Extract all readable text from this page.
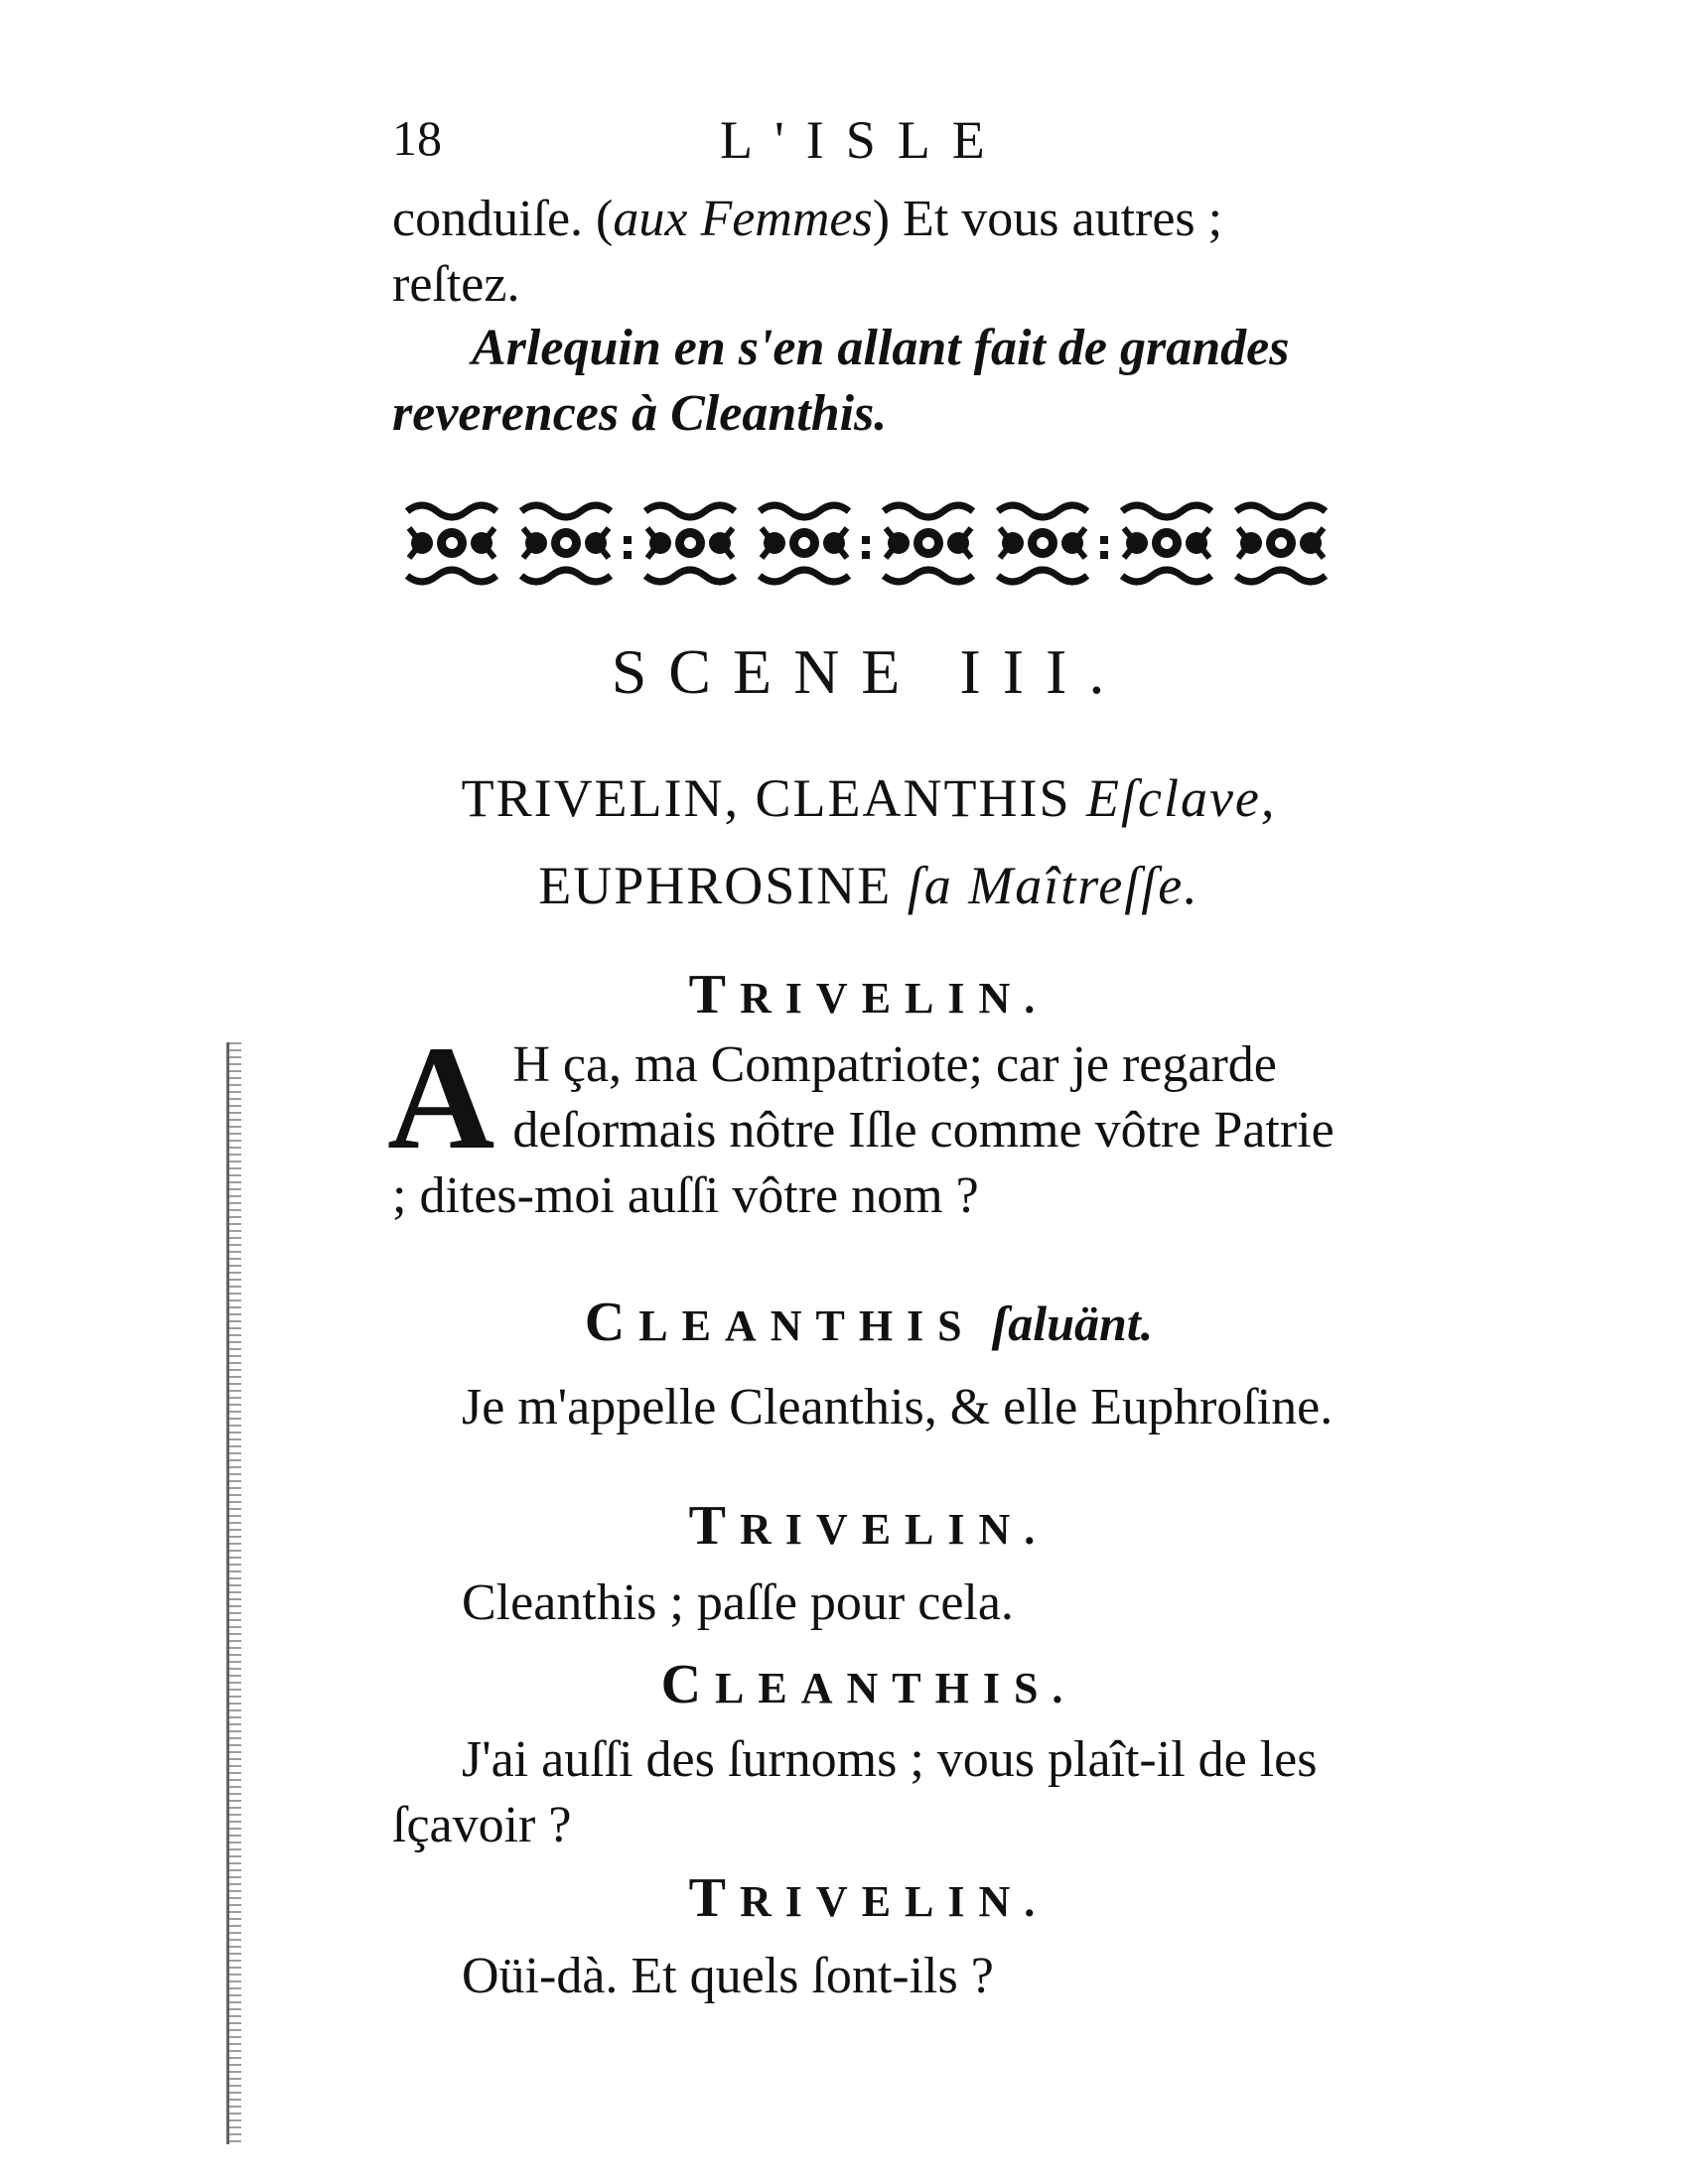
18	L'ISLE
conduiſe. (aux Femmes) Et vous autres ;
reſtez.
Arlequin en s'en allant fait de grandes reverences à Cleanthis.
SCENE III.
TRIVELIN, CLEANTHIS Eſclave,
EUPHROSINE ſa Maîtreſſe.
TRIVELIN.
A H ça, ma Compatriote; car je regarde deſormais nôtre Iſle comme vôtre Patrie ; dites-moi auſſi vôtre nom ?
CLEANTHIS ſaluänt.
Je m'appelle Cleanthis, & elle Euphroſine.
TRIVELIN.
Cleanthis ; paſſe pour cela.
CLEANTHIS.
J'ai auſſi des ſurnoms ; vous plaît-il de les ſçavoir ?
TRIVELIN.
Oüi-dà. Et quels ſont-ils ?
